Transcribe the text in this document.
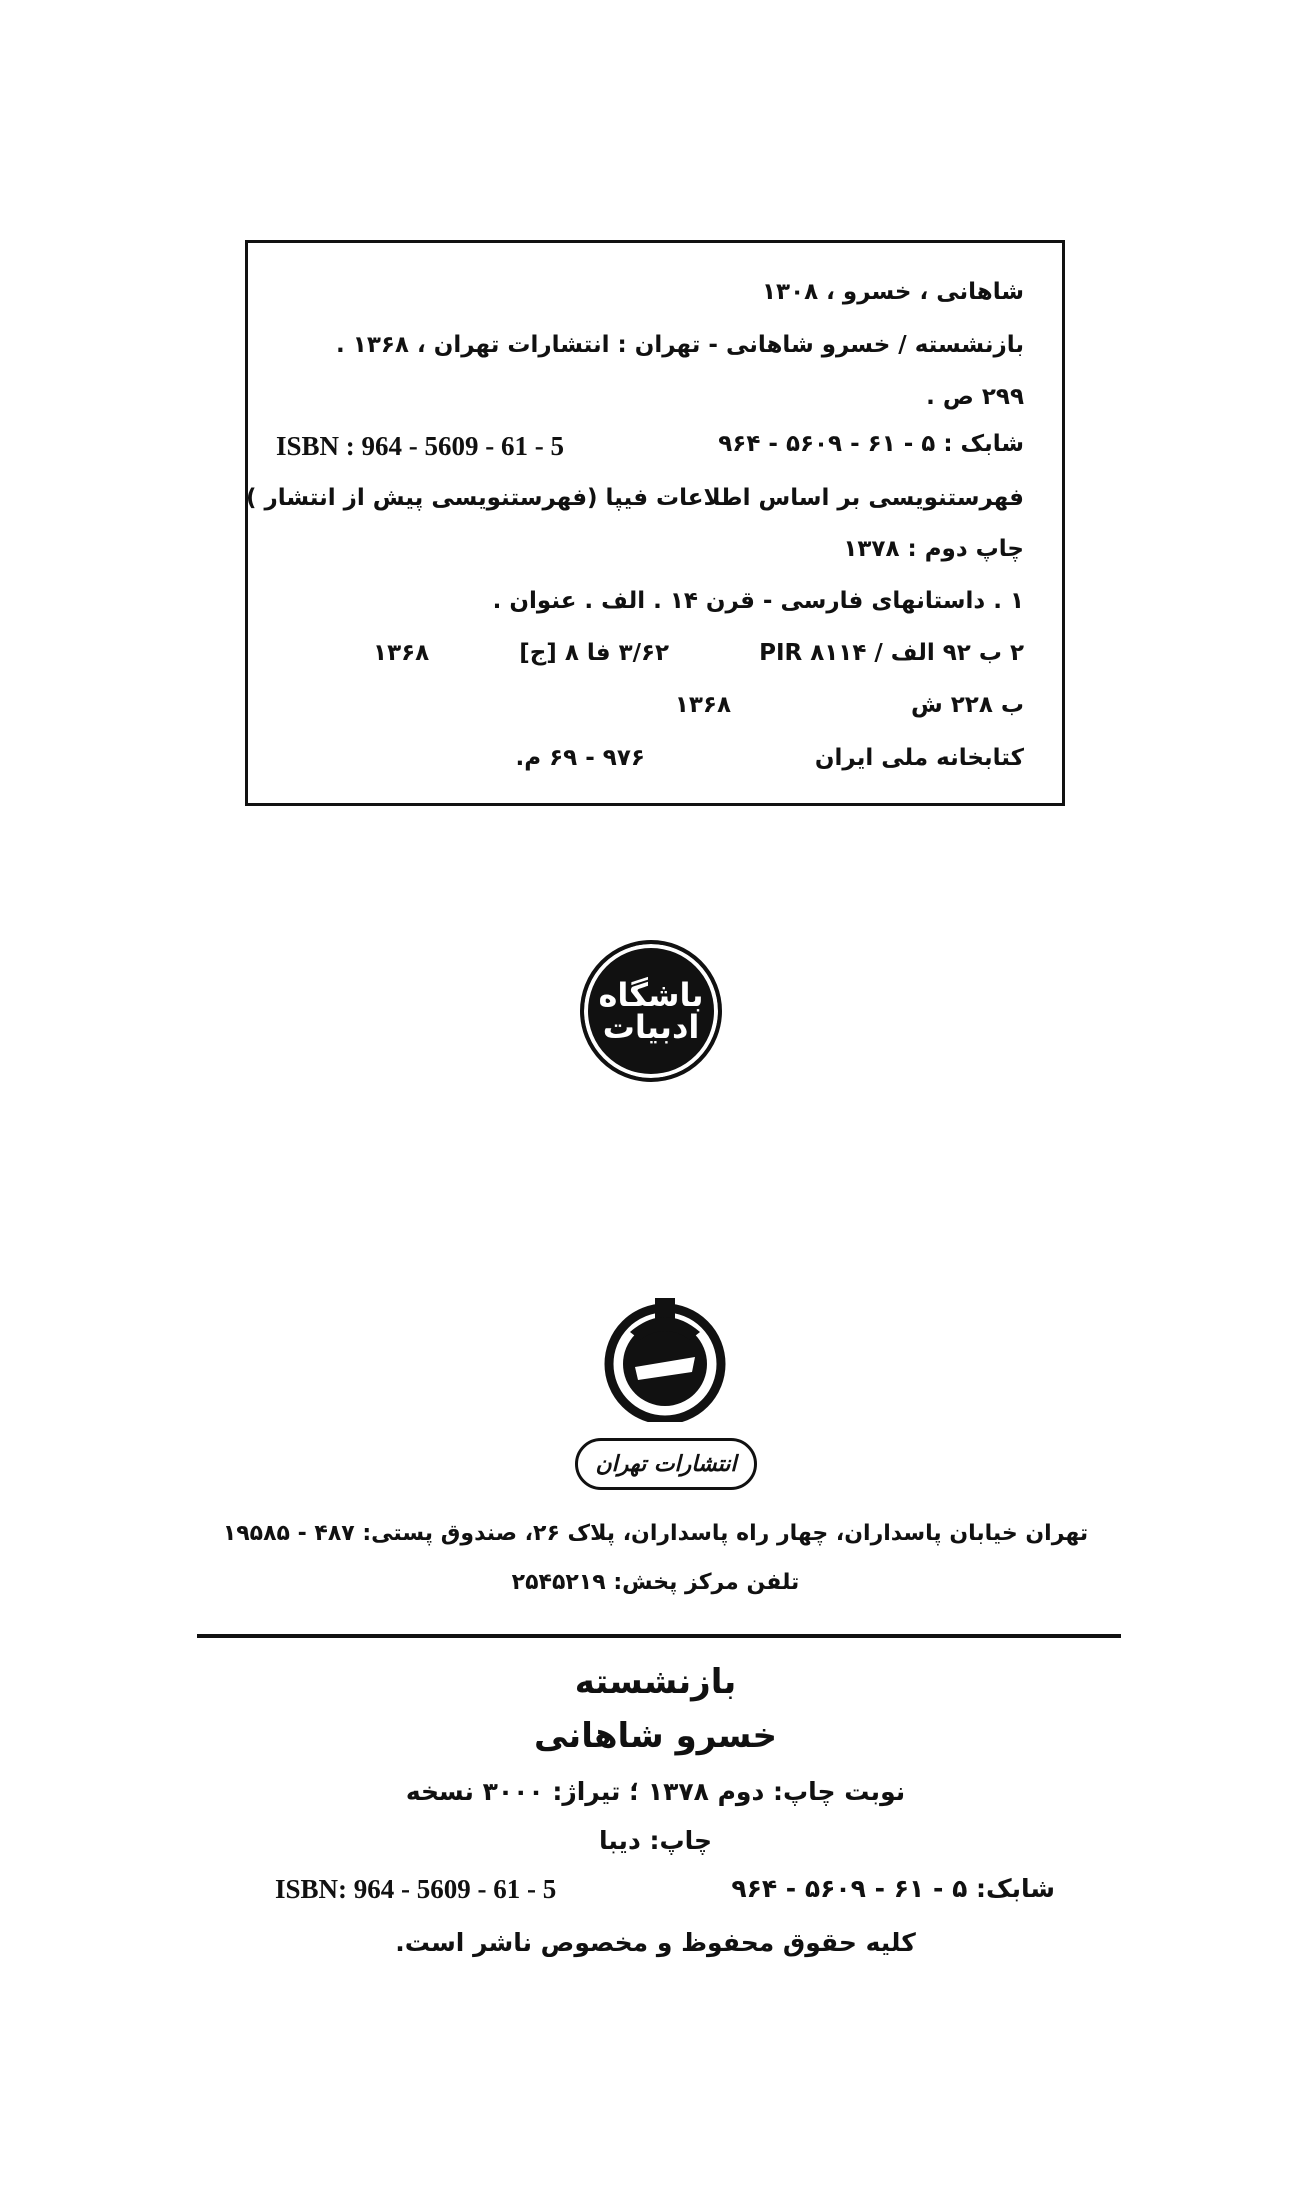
شاهانی ، خسرو ، ۱۳۰۸
بازنشسته / خسرو شاهانی - تهران : انتشارات تهران ، ۱۳۶۸ .
۲۹۹ ص .
شابک : ۵ - ۶۱ - ۵۶۰۹ - ۹۶۴
ISBN : 964 - 5609 - 61 - 5
فهرستنویسی بر اساس اطلاعات فیپا (فهرستنویسی پیش از انتشار )
چاپ دوم : ۱۳۷۸
۱ . داستانهای فارسی - قرن ۱۴ . الف . عنوان .
۲ ب ۹۲ الف / PIR ۸۱۱۴
۳/۶۲ فا ۸ [ج]
۱۳۶۸
ب ۲۲۸ ش
۱۳۶۸
کتابخانه ملی ایران
۹۷۶ - ۶۹ م.
باشگاه
ادبیات
انتشارات تهران
تهران خیابان پاسداران، چهار راه پاسداران، پلاک ۲۶، صندوق پستی: ۴۸۷ - ۱۹۵۸۵
تلفن مرکز پخش: ۲۵۴۵۲۱۹
بازنشسته
خسرو شاهانی
نوبت چاپ: دوم ۱۳۷۸ ؛ تیراژ: ۳۰۰۰ نسخه
چاپ: دیبا
شابک: ۵ - ۶۱ - ۵۶۰۹ - ۹۶۴
ISBN: 964 - 5609 - 61 - 5
کلیه حقوق محفوظ و مخصوص ناشر است.
